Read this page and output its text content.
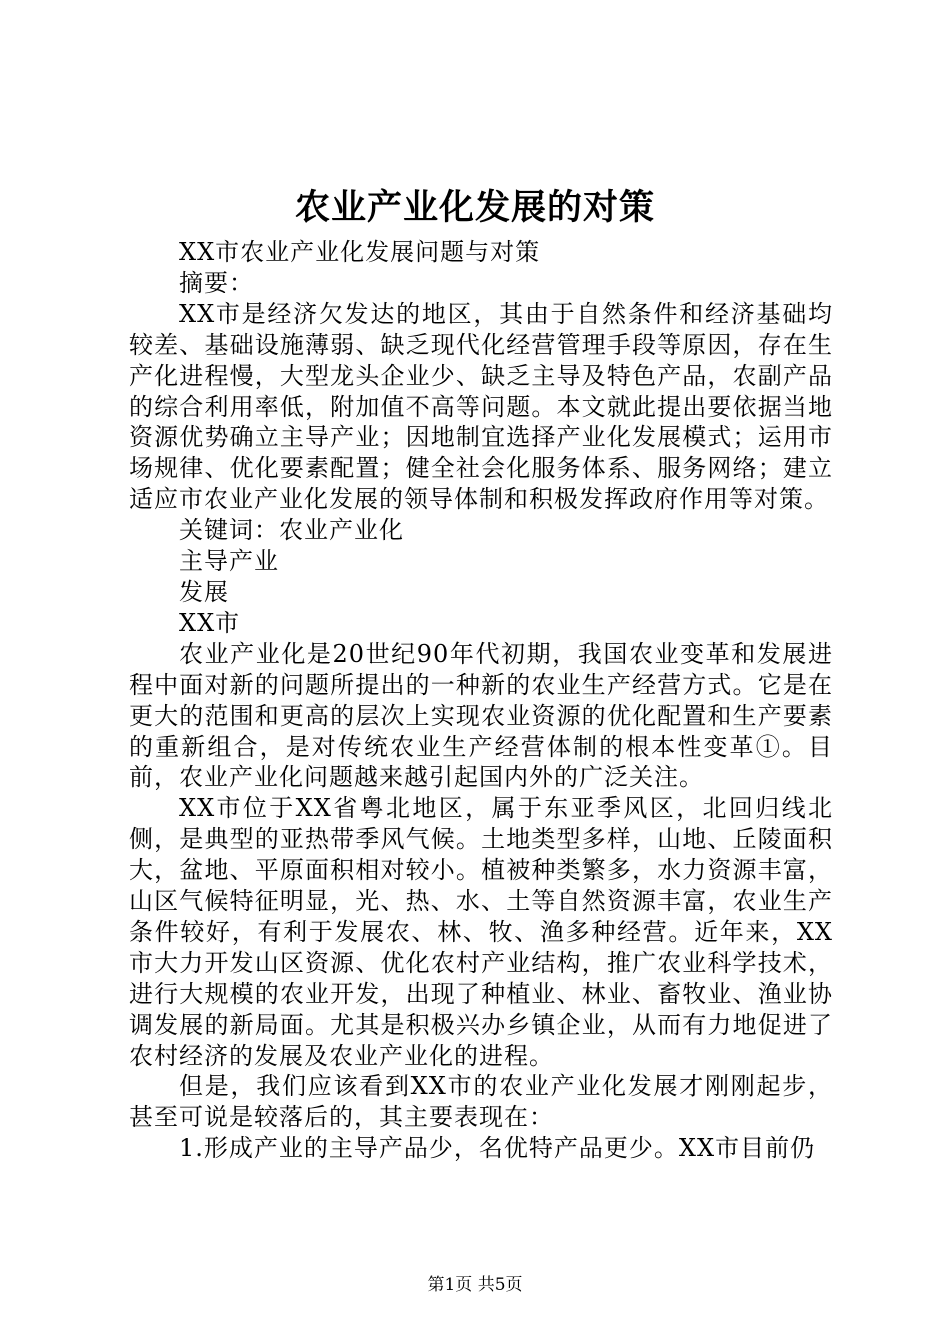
农业产业化发展的对策

XX市农业产业化发展问题与对策

摘要：

XX市是经济欠发达的地区，其由于自然条件和经济基础均较差、基础设施薄弱、缺乏现代化经营管理手段等原因，存在生产化进程慢，大型龙头企业少、缺乏主导及特色产品，农副产品的综合利用率低，附加值不高等问题。本文就此提出要依据当地资源优势确立主导产业；因地制宜选择产业化发展模式；运用市场规律、优化要素配置；健全社会化服务体系、服务网络；建立适应市农业产业化发展的领导体制和积极发挥政府作用等对策。

关键词：农业产业化

主导产业

发展

XX市

农业产业化是20世纪90年代初期，我国农业变革和发展进程中面对新的问题所提出的一种新的农业生产经营方式。它是在更大的范围和更高的层次上实现农业资源的优化配置和生产要素的重新组合，是对传统农业生产经营体制的根本性变革①。目前，农业产业化问题越来越引起国内外的广泛关注。

XX市位于XX省粤北地区，属于东亚季风区，北回归线北侧，是典型的亚热带季风气候。土地类型多样，山地、丘陵面积大，盆地、平原面积相对较小。植被种类繁多，水力资源丰富，山区气候特征明显，光、热、水、土等自然资源丰富，农业生产条件较好，有利于发展农、林、牧、渔多种经营。近年来，XX市大力开发山区资源、优化农村产业结构，推广农业科学技术，进行大规模的农业开发，出现了种植业、林业、畜牧业、渔业协调发展的新局面。尤其是积极兴办乡镇企业，从而有力地促进了农村经济的发展及农业产业化的进程。

但是，我们应该看到XX市的农业产业化发展才刚刚起步，甚至可说是较落后的，其主要表现在：

1.形成产业的主导产品少，名优特产品更少。XX市目前仍

第1页 共5页
